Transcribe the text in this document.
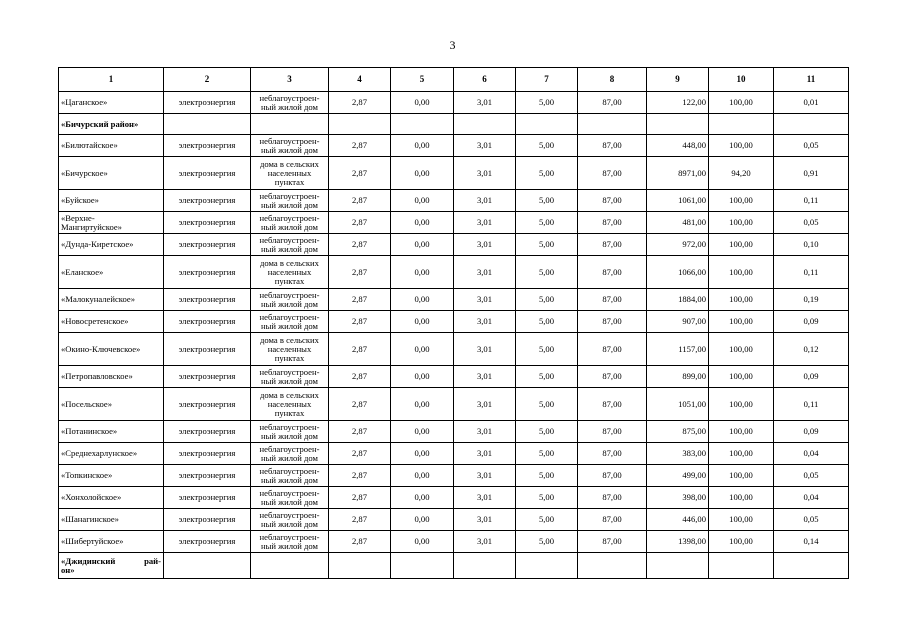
3
1	2	3	4	5	6	7	8	9	10	11
«Цаганское»	электроэнергия	неблагоустроен-
ный жилой дом	2,87	0,00	3,01	5,00	87,00	122,00	100,00	0,01
«Бичурский район»										
«Билютайское»	электроэнергия	неблагоустроен-
ный жилой дом	2,87	0,00	3,01	5,00	87,00	448,00	100,00	0,05
«Бичурское»	электроэнергия	дома в сельских
населенных
пунктах	2,87	0,00	3,01	5,00	87,00	8971,00	94,20	0,91
«Буйское»	электроэнергия	неблагоустроен-
ный жилой дом	2,87	0,00	3,01	5,00	87,00	1061,00	100,00	0,11

«Верхне-
Мангиртуйское»	электроэнергия	неблагоустроен-
ный жилой дом	2,87	0,00	3,01	5,00	87,00	481,00	100,00	0,05
«Дунда-Киретское»	электроэнергия	неблагоустроен-
ный жилой дом	2,87	0,00	3,01	5,00	87,00	972,00	100,00	0,10
«Еланское»	электроэнергия	дома в сельских
населенных
пунктах	2,87	0,00	3,01	5,00	87,00	1066,00	100,00	0,11
«Малокуналейское»	электроэнергия	неблагоустроен-
ный жилой дом	2,87	0,00	3,01	5,00	87,00	1884,00	100,00	0,19
«Новосретенское»	электроэнергия	неблагоустроен-
ный жилой дом	2,87	0,00	3,01	5,00	87,00	907,00	100,00	0,09
«Окино-Ключевское»	электроэнергия	дома в сельских
населенных
пунктах	2,87	0,00	3,01	5,00	87,00	1157,00	100,00	0,12
«Петропавловское»	электроэнергия	неблагоустроен-
ный жилой дом	2,87	0,00	3,01	5,00	87,00	899,00	100,00	0,09
«Посельское»	электроэнергия	дома в сельских
населенных
пунктах	2,87	0,00	3,01	5,00	87,00	1051,00	100,00	0,11
«Потанинское»	электроэнергия	неблагоустроен-
ный жилой дом	2,87	0,00	3,01	5,00	87,00	875,00	100,00	0,09
«Среднехарлунское»	электроэнергия	неблагоустроен-
ный жилой дом	2,87	0,00	3,01	5,00	87,00	383,00	100,00	0,04
«Топкинское»	электроэнергия	неблагоустроен-
ный жилой дом	2,87	0,00	3,01	5,00	87,00	499,00	100,00	0,05
«Хонхолойское»	электроэнергия	неблагоустроен-
ный жилой дом	2,87	0,00	3,01	5,00	87,00	398,00	100,00	0,04
«Шанагинское»	электроэнергия	неблагоустроен-
ный жилой дом	2,87	0,00	3,01	5,00	87,00	446,00	100,00	0,05
«Шибертуйское»	электроэнергия	неблагоустроен-
ный жилой дом	2,87	0,00	3,01	5,00	87,00	1398,00	100,00	0,14

«Джидинский рай-
он»										
